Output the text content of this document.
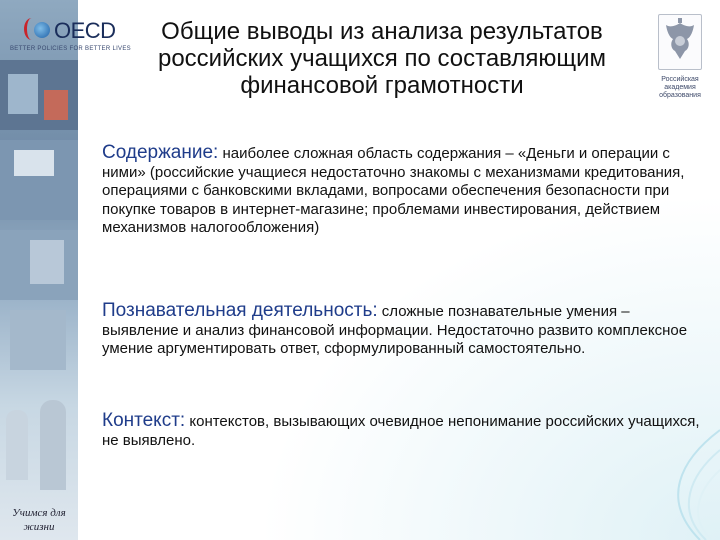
Учимся для жизни
OECD
BETTER POLICIES FOR BETTER LIVES
Общие выводы из анализа результатов российских учащихся по составляющим финансовой грамотности	Российская академия образования
Содержание: наиболее сложная область содержания – «Деньги и операции с ними» (российские учащиеся недостаточно знакомы с механизмами кредитования, операциями с банковскими вкладами, вопросами обеспечения безопасности при покупке товаров в интернет-магазине; проблемами инвестирования, действием механизмов налогообложения)
Познавательная деятельность: сложные познавательные умения – выявление и анализ финансовой информации. Недостаточно развито комплексное умение аргументировать ответ, сформулированный самостоятельно.
Контекст: контекстов, вызывающих очевидное непонимание российских учащихся, не выявлено.
